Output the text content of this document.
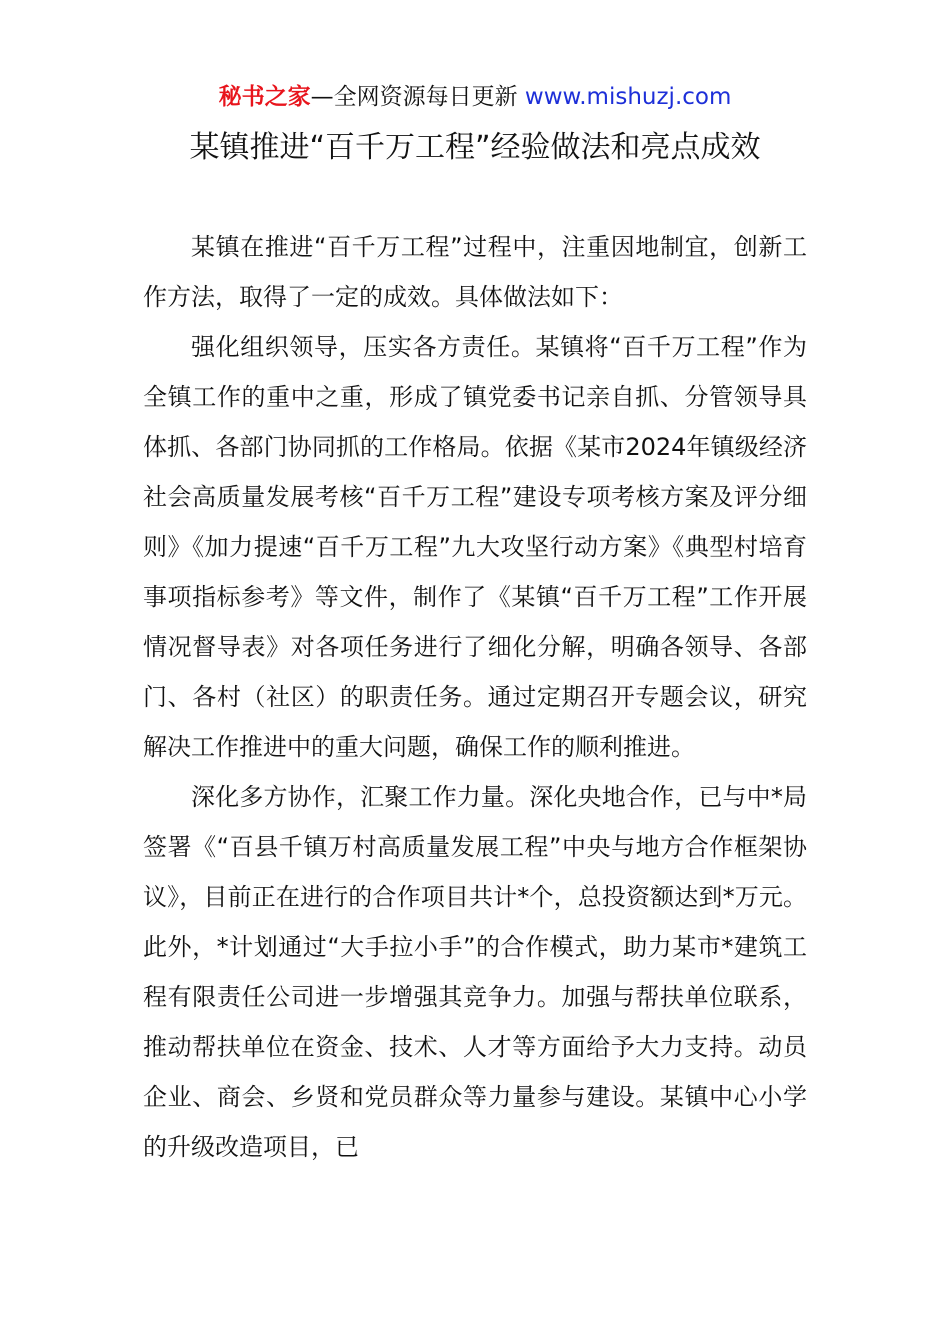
秘书之家—全网资源每日更新 www.mishuzj.com
某镇推进“百千万工程”经验做法和亮点成效

某镇在推进“百千万工程”过程中，注重因地制宜，创新工作方法，取得了一定的成效。具体做法如下：

强化组织领导，压实各方责任。某镇将“百千万工程”作为全镇工作的重中之重，形成了镇党委书记亲自抓、分管领导具体抓、各部门协同抓的工作格局。依据《某市2024年镇级经济社会高质量发展考核“百千万工程”建设专项考核方案及评分细则》《加力提速“百千万工程”九大攻坚行动方案》《典型村培育事项指标参考》等文件，制作了《某镇“百千万工程”工作开展情况督导表》对各项任务进行了细化分解，明确各领导、各部门、各村（社区）的职责任务。通过定期召开专题会议，研究解决工作推进中的重大问题，确保工作的顺利推进。

深化多方协作，汇聚工作力量。深化央地合作，已与中*局签署《“百县千镇万村高质量发展工程”中央与地方合作框架协议》，目前正在进行的合作项目共计*个，总投资额达到*万元。此外，*计划通过“大手拉小手”的合作模式，助力某市*建筑工程有限责任公司进一步增强其竞争力。加强与帮扶单位联系，推动帮扶单位在资金、技术、人才等方面给予大力支持。动员企业、商会、乡贤和党员群众等力量参与建设。某镇中心小学的升级改造项目，已
